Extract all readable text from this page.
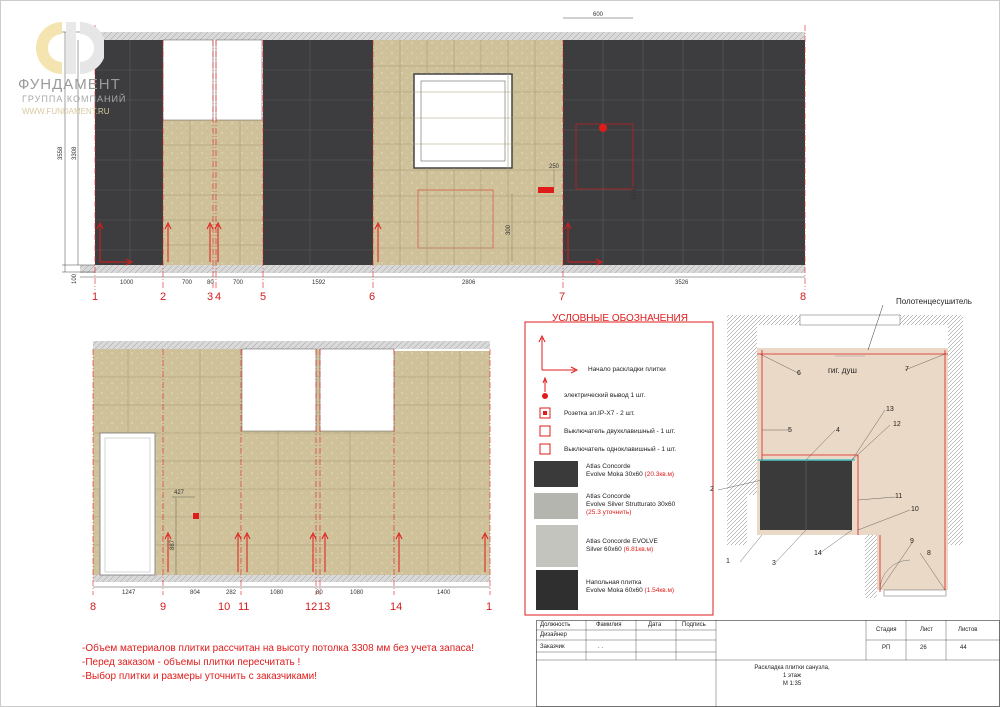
3558 3308
100	1000	700 80	700	1592	2806	3526
600
250
300
1500
1	2	3 4	5	6	7	8
427
887
1247	804	282	1080	80	1080	1400
8	9	10 11	12 13	14	1
ФУНДАМЕНТ
ГРУППА КОМПАНИЙ
WWW.FUNDAMENT.RU
УСЛОВНЫЕ ОБОЗНАЧЕНИЯ
Начало раскладки плитки
электрический вывод 1 шт.
Розетка эл.IP-X7 - 2 шт.
Выключатель двухклавишный - 1 шт.
Выключатель одноклавишный - 1 шт.
Atlas Concorde
Evolve Moka 30x60 (20.3кв.м)
Atlas Concorde
Evolve Silver Strutturato 30x60
(25.3 уточнить)
Atlas Concorde EVOLVE
Silver 60x60 (6.81кв.м)
Напольная плитка
Evolve Moka 60x60 (1.54кв.м)
Полотенцесушитель
гиг. душ
1
2
3
4
5
6
7
8
9
10
11
12
13
14
-Объем материалов плитки рассчитан на высоту потолка 3308 мм без учета запаса!
-Перед заказом - объемы плитки пересчитать !
-Выбор плитки и размеры уточнить с заказчиками!
Должность	Фамилия	Дата	Подпись
Дизайнер
Заказчик	. .
Стадия	Лист	Листов
РП	26	44
Раскладка плитки санузла,
1 этаж
М 1:35
